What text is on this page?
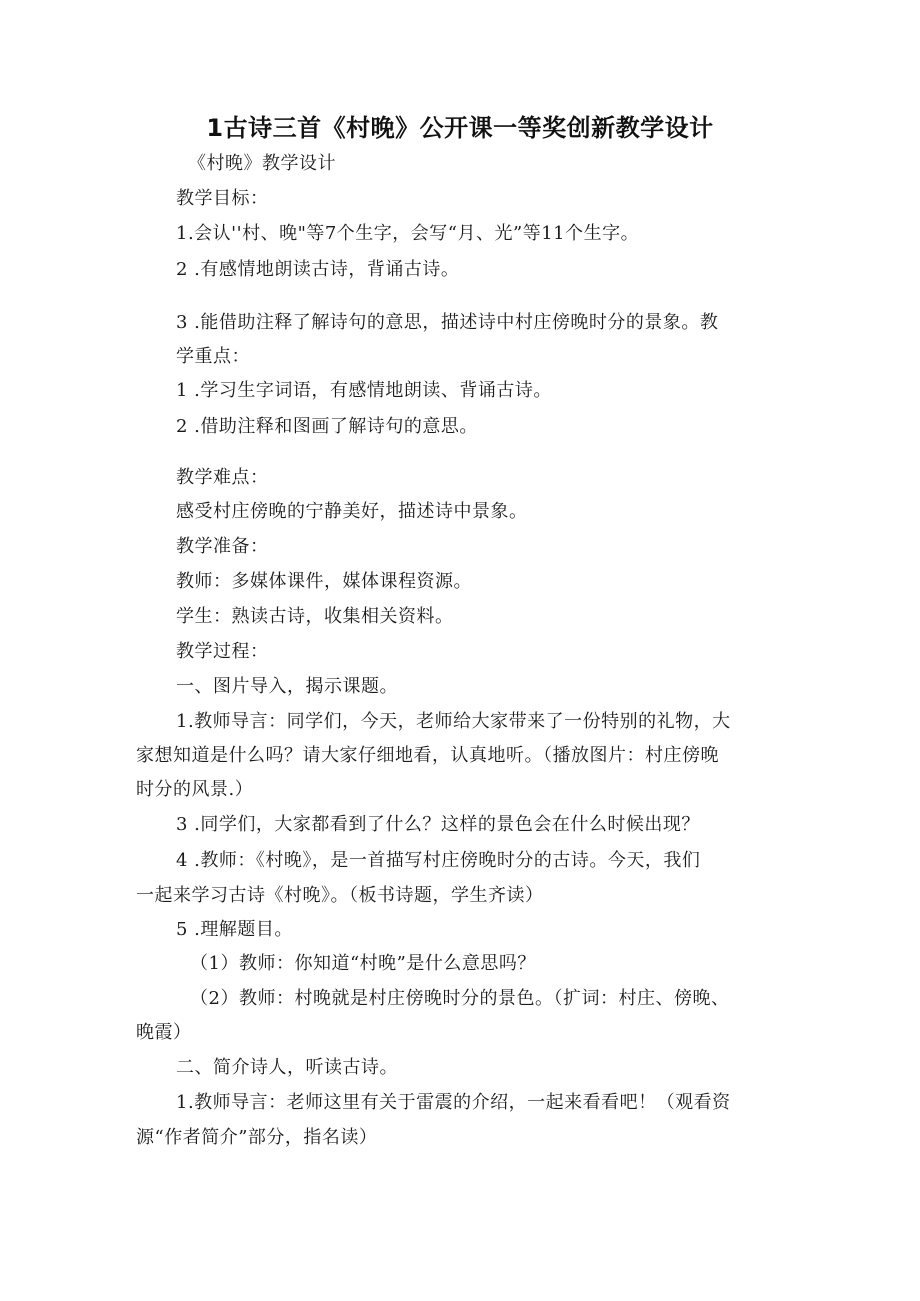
1古诗三首《村晚》公开课一等奖创新教学设计
《村晚》教学设计
教学目标：
1.会认''村、晚"等7个生字，会写“月、光”等11个生字。
2 .有感情地朗读古诗，背诵古诗。
3 .能借助注释了解诗句的意思，描述诗中村庄傍晚时分的景象。教
学重点：
1 .学习生字词语，有感情地朗读、背诵古诗。
2 .借助注释和图画了解诗句的意思。
教学难点：
感受村庄傍晚的宁静美好，描述诗中景象。
教学准备：
教师：多媒体课件，媒体课程资源。
学生：熟读古诗，收集相关资料。
教学过程：
一、图片导入，揭示课题。
1.教师导言：同学们，今天，老师给大家带来了一份特别的礼物，大
家想知道是什么吗？请大家仔细地看，认真地听。（播放图片：村庄傍晚
时分的风景.）
3 .同学们，大家都看到了什么？这样的景色会在什么时候出现？
4 .教师：《村晚》，是一首描写村庄傍晚时分的古诗。今天，我们
一起来学习古诗《村晚》。（板书诗题，学生齐读）
5 .理解题目。
（1）教师：你知道“村晚”是什么意思吗？
（2）教师：村晚就是村庄傍晚时分的景色。（扩词：村庄、傍晚、
晚霞）
二、简介诗人，听读古诗。
1.教师导言：老师这里有关于雷震的介绍，一起来看看吧！（观看资
源“作者简介”部分，指名读）
